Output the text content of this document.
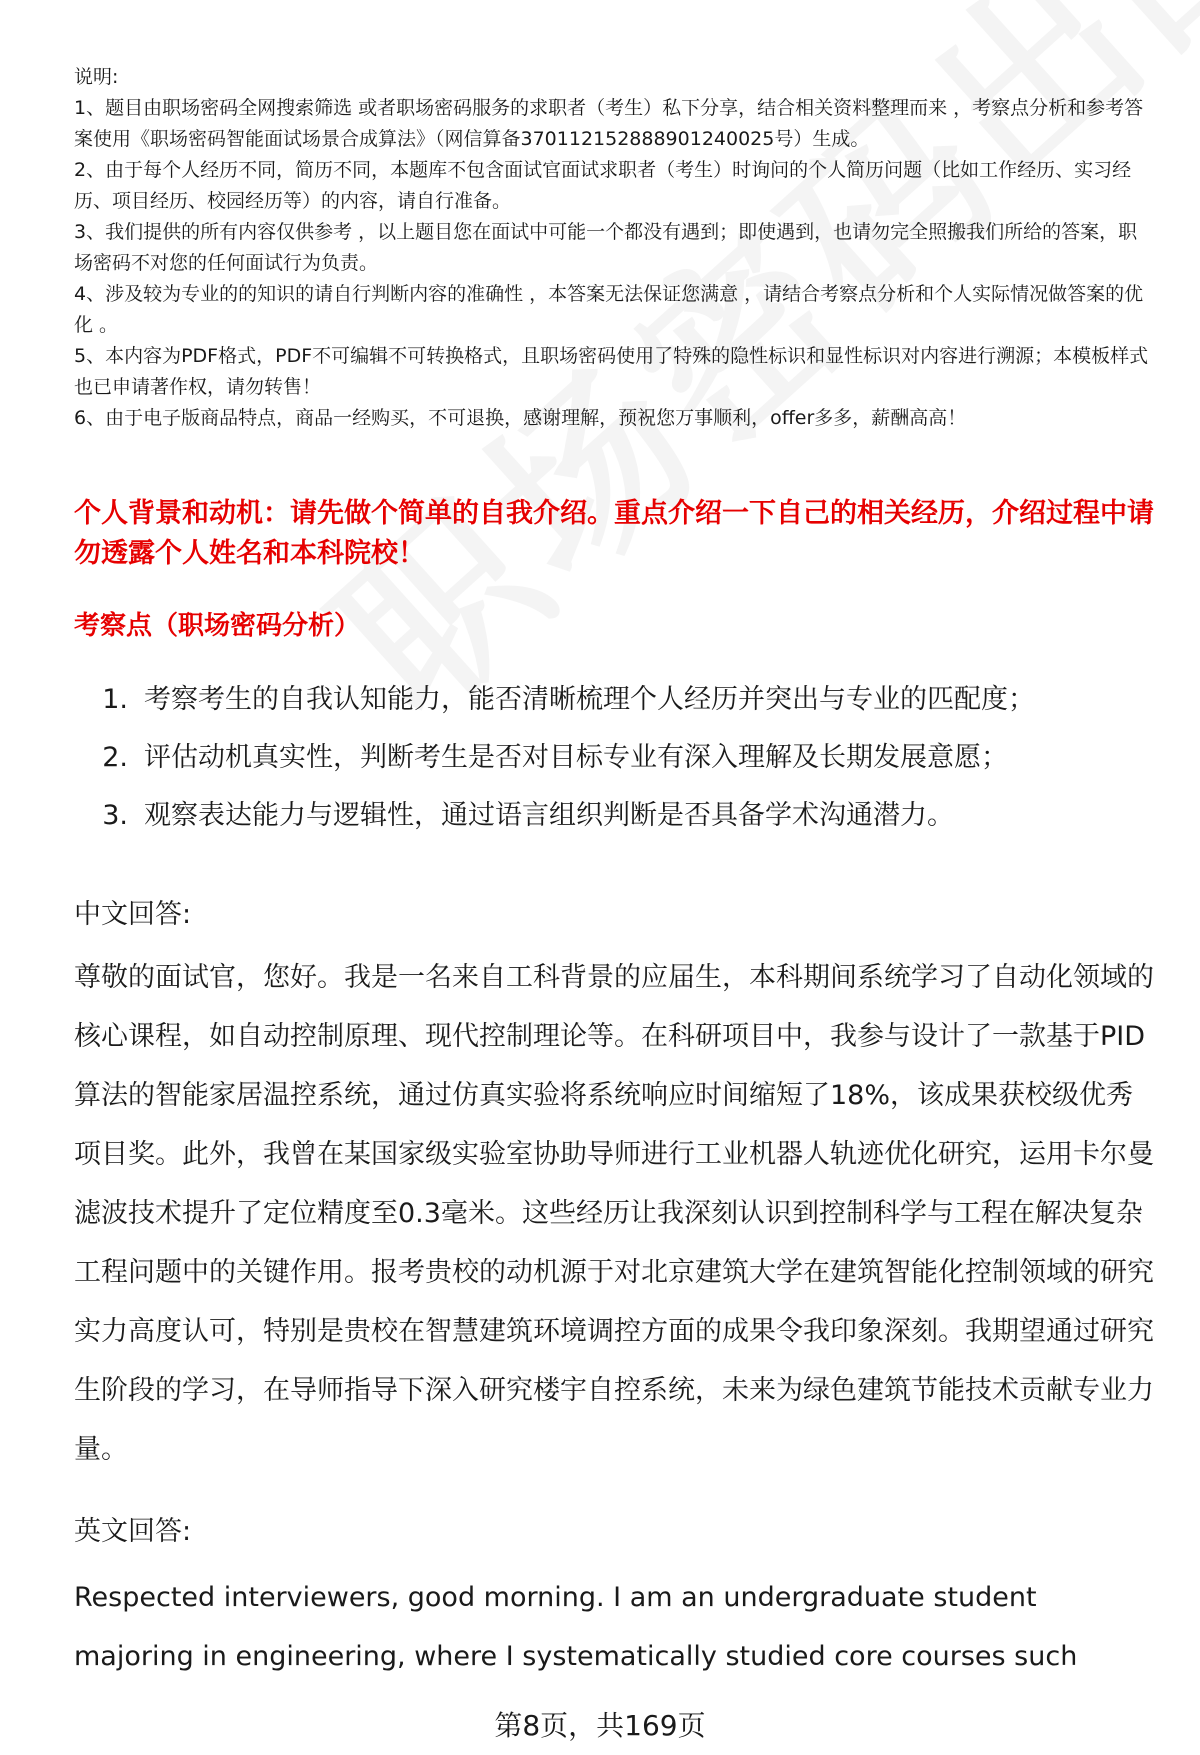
说明:

1、题目由职场密码全网搜索筛选 或者职场密码服务的求职者（考生）私下分享，结合相关资料整理而来 ，考察点分析和参考答案使用《职场密码智能面试场景合成算法》（网信算备370112152888901240025号）生成。

2、由于每个人经历不同，简历不同，本题库不包含面试官面试求职者（考生）时询问的个人简历问题（比如工作经历、实习经历、项目经历、校园经历等）的内容，请自行准备。

3、我们提供的所有内容仅供参考 ，以上题目您在面试中可能一个都没有遇到；即使遇到，也请勿完全照搬我们所给的答案，职场密码不对您的任何面试行为负责。

4、涉及较为专业的的知识的请自行判断内容的准确性 ，本答案无法保证您满意 ，请结合考察点分析和个人实际情况做答案的优化 。

5、本内容为PDF格式，PDF不可编辑不可转换格式，且职场密码使用了特殊的隐性标识和显性标识对内容进行溯源；本模板样式也已申请著作权，请勿转售！

6、由于电子版商品特点，商品一经购买，不可退换，感谢理解，预祝您万事顺利，offer多多，薪酬高高！

个人背景和动机：请先做个简单的自我介绍。重点介绍一下自己的相关经历，介绍过程中请勿透露个人姓名和本科院校！

考察点（职场密码分析）

1. 考察考生的自我认知能力，能否清晰梳理个人经历并突出与专业的匹配度；
2. 评估动机真实性，判断考生是否对目标专业有深入理解及长期发展意愿；
3. 观察表达能力与逻辑性，通过语言组织判断是否具备学术沟通潜力。

中文回答:

尊敬的面试官，您好。我是一名来自工科背景的应届生，本科期间系统学习了自动化领域的核心课程，如自动控制原理、现代控制理论等。在科研项目中，我参与设计了一款基于PID算法的智能家居温控系统，通过仿真实验将系统响应时间缩短了18%，该成果获校级优秀项目奖。此外，我曾在某国家级实验室协助导师进行工业机器人轨迹优化研究，运用卡尔曼滤波技术提升了定位精度至0.3毫米。这些经历让我深刻认识到控制科学与工程在解决复杂工程问题中的关键作用。报考贵校的动机源于对北京建筑大学在建筑智能化控制领域的研究实力高度认可，特别是贵校在智慧建筑环境调控方面的成果令我印象深刻。我期望通过研究生阶段的学习，在导师指导下深入研究楼宇自控系统，未来为绿色建筑节能技术贡献专业力量。

英文回答:

Respected interviewers, good morning. I am an undergraduate student majoring in engineering, where I systematically studied core courses such

第8页，共169页
